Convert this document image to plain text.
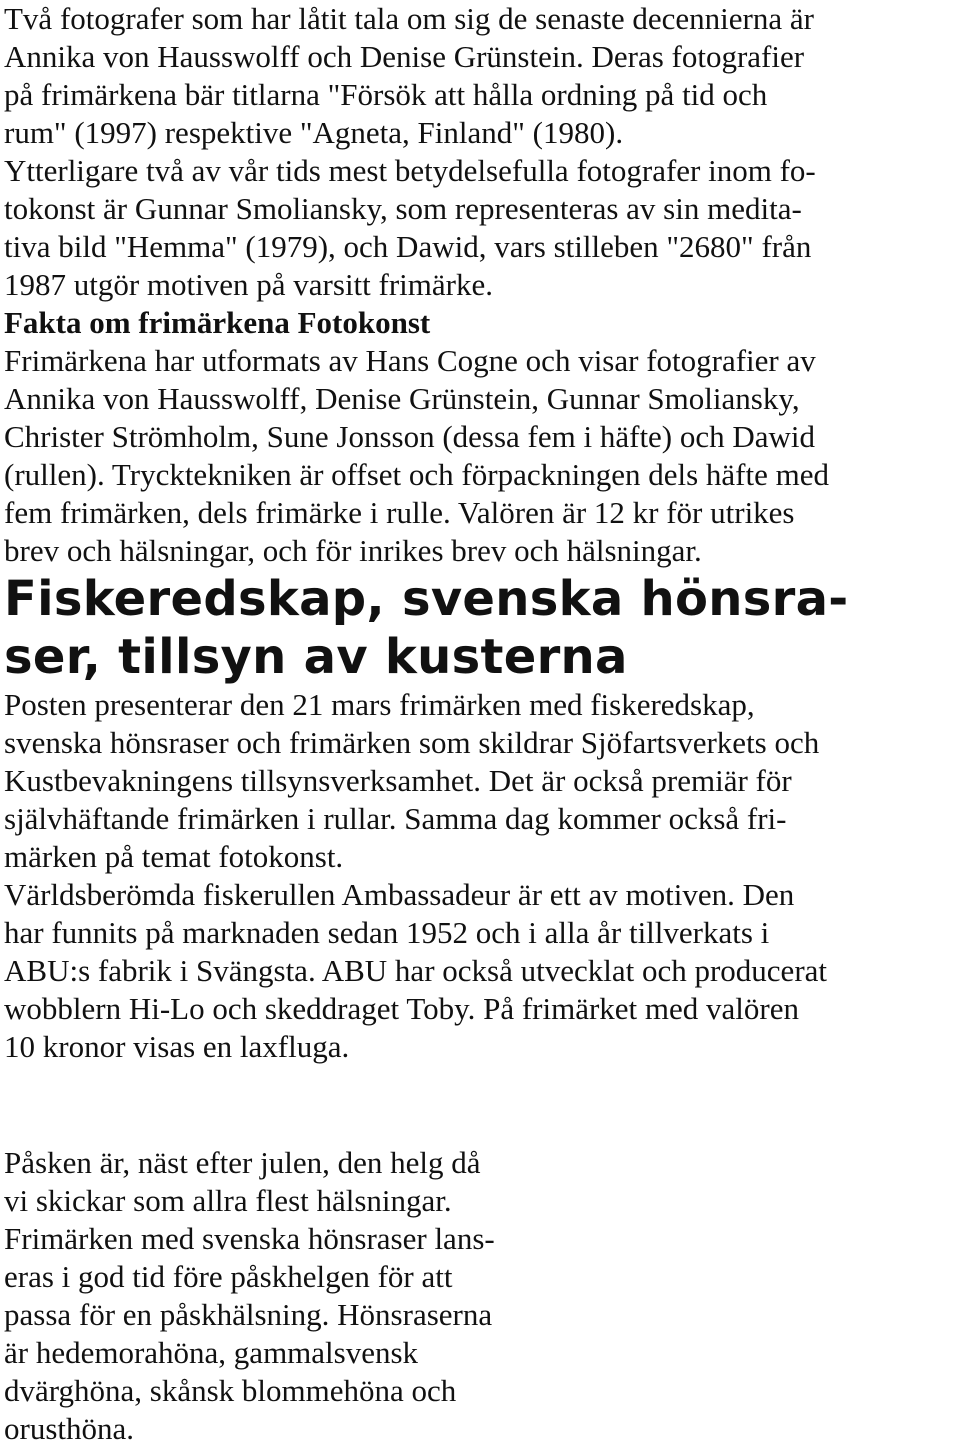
Två fotografer som har låtit tala om sig de senaste decennierna är
Annika von Hausswolff och Denise Grünstein. Deras fotografier
på frimärkena bär titlarna "Försök att hålla ordning på tid och
rum" (1997) respektive "Agneta, Finland" (1980).
Ytterligare två av vår tids mest betydelsefulla fotografer inom fo-
tokonst är Gunnar Smoliansky, som representeras av sin medita-
tiva bild "Hemma" (1979), och Dawid, vars stilleben "2680" från
1987 utgör motiven på varsitt frimärke.
Fakta om frimärkena Fotokonst
Frimärkena har utformats av Hans Cogne och visar fotografier av
Annika von Hausswolff, Denise Grünstein, Gunnar Smoliansky,
Christer Strömholm, Sune Jonsson (dessa fem i häfte) och Dawid
(rullen). Trycktekniken är offset och förpackningen dels häfte med
fem frimärken, dels frimärke i rulle. Valören är 12 kr för utrikes
brev och hälsningar, och för inrikes brev och hälsningar.
Fiskeredskap, svenska hönsra-
ser, tillsyn av kusterna
Posten presenterar den 21 mars frimärken med fiskeredskap,
svenska hönsraser och frimärken som skildrar Sjöfartsverkets och
Kustbevakningens tillsynsverksamhet. Det är också premiär för
självhäftande frimärken i rullar. Samma dag kommer också fri-
märken på temat fotokonst.
Världsberömda fiskerullen Ambassadeur är ett av motiven. Den
har funnits på marknaden sedan 1952 och i alla år tillverkats i
ABU:s fabrik i Svängsta. ABU har också utvecklat och producerat
wobblern Hi-Lo och skeddraget Toby. På frimärket med valören
10 kronor visas en laxfluga.
Påsken är, näst efter julen, den helg då
vi skickar som allra flest hälsningar.
Frimärken med svenska hönsraser lans-
eras i god tid före påskhelgen för att
passa för en påskhälsning. Hönsraserna
är hedemorahöna, gammalsvensk
dvärghöna, skånsk blommehöna och
orusthöna.
